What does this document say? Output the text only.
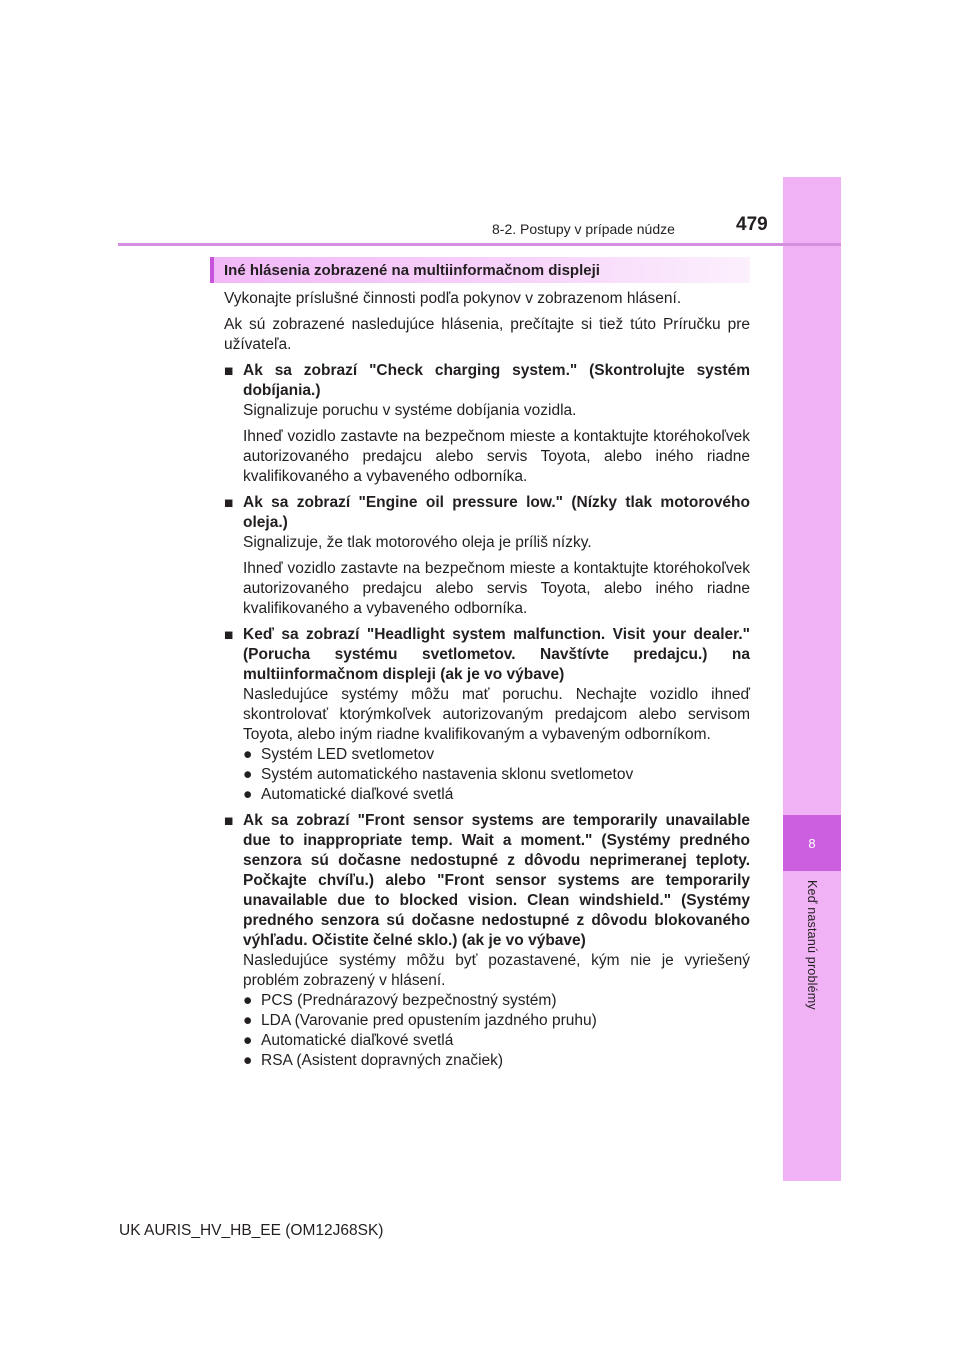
8
Keď nastanú problémy
8-2. Postupy v prípade núdze	479
Iné hlásenia zobrazené na multiinformačnom displeji

Vykonajte príslušné činnosti podľa pokynov v zobrazenom hlásení.

Ak sú zobrazené nasledujúce hlásenia, prečítajte si tiež túto Príručku pre užívateľa.

■ Ak sa zobrazí "Check charging system." (Skontrolujte systém dobíjania.)

Signalizuje poruchu v systéme dobíjania vozidla.

Ihneď vozidlo zastavte na bezpečnom mieste a kontaktujte ktoréhokoľvek autorizovaného predajcu alebo servis Toyota, alebo iného riadne kvalifikovaného a vybaveného odborníka.

■ Ak sa zobrazí "Engine oil pressure low." (Nízky tlak motorového oleja.)

Signalizuje, že tlak motorového oleja je príliš nízky.

Ihneď vozidlo zastavte na bezpečnom mieste a kontaktujte ktoréhokoľvek autorizovaného predajcu alebo servis Toyota, alebo iného riadne kvalifikovaného a vybaveného odborníka.

■ Keď sa zobrazí "Headlight system malfunction. Visit your dealer." (Porucha systému svetlometov. Navštívte predajcu.) na multiinformačnom displeji (ak je vo výbave)

Nasledujúce systémy môžu mať poruchu. Nechajte vozidlo ihneď skontrolovať ktorýmkoľvek autorizovaným predajcom alebo servisom Toyota, alebo iným riadne kvalifikovaným a vybaveným odborníkom.

● Systém LED svetlometov

● Systém automatického nastavenia sklonu svetlometov

● Automatické diaľkové svetlá

■ Ak sa zobrazí "Front sensor systems are temporarily unavailable due to inappropriate temp. Wait a moment." (Systémy predného senzora sú dočasne nedostupné z dôvodu neprimeranej teploty. Počkajte chvíľu.) alebo "Front sensor systems are temporarily unavailable due to blocked vision. Clean windshield." (Systémy predného senzora sú dočasne nedostupné z dôvodu blokovaného výhľadu. Očistite čelné sklo.) (ak je vo výbave)

Nasledujúce systémy môžu byť pozastavené, kým nie je vyriešený problém zobrazený v hlásení.

● PCS (Prednárazový bezpečnostný systém)

● LDA (Varovanie pred opustením jazdného pruhu)

● Automatické diaľkové svetlá

● RSA (Asistent dopravných značiek)

UK AURIS_HV_HB_EE (OM12J68SK)
